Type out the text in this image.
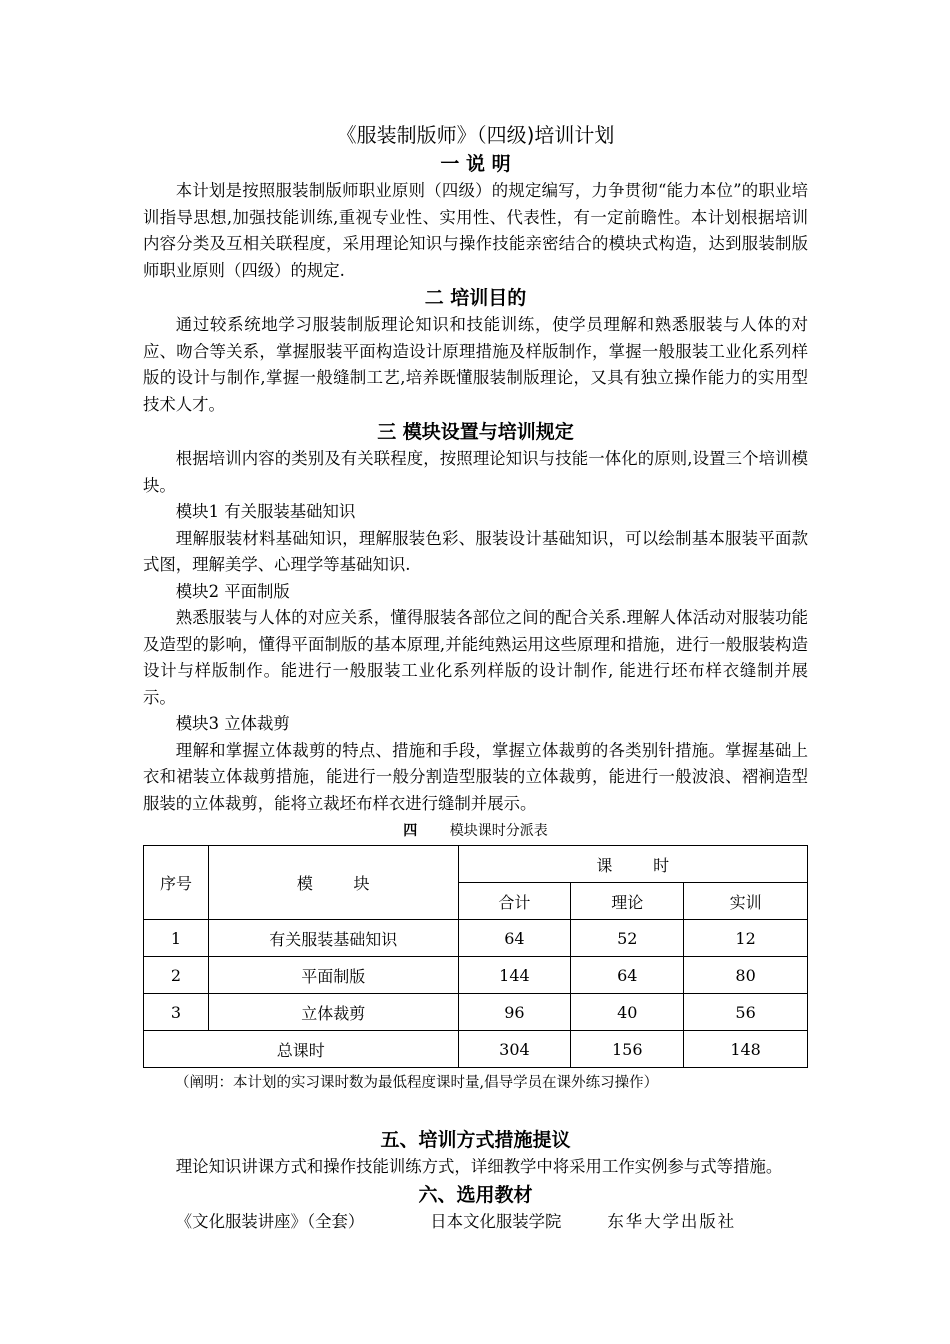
《服装制版师》（四级)培训计划

一 说 明

本计划是按照服装制版师职业原则（四级）的规定编写，力争贯彻“能力本位”的职业培训指导思想,加强技能训练,重视专业性、实用性、代表性，有一定前瞻性。本计划根据培训内容分类及互相关联程度，采用理论知识与操作技能亲密结合的模块式构造，达到服装制版师职业原则（四级）的规定.

二 培训目的

通过较系统地学习服装制版理论知识和技能训练，使学员理解和熟悉服装与人体的对应、吻合等关系，掌握服装平面构造设计原理措施及样版制作，掌握一般服装工业化系列样版的设计与制作,掌握一般缝制工艺,培养既懂服装制版理论，又具有独立操作能力的实用型技术人才。

三 模块设置与培训规定

根据培训内容的类别及有关联程度，按照理论知识与技能一体化的原则,设置三个培训模块。

模块1 有关服装基础知识

理解服装材料基础知识，理解服装色彩、服装设计基础知识，可以绘制基本服装平面款式图，理解美学、心理学等基础知识.

模块2 平面制版

熟悉服装与人体的对应关系，懂得服装各部位之间的配合关系.理解人体活动对服装功能及造型的影响，懂得平面制版的基本原理,并能纯熟运用这些原理和措施，进行一般服装构造设计与样版制作。能进行一般服装工业化系列样版的设计制作, 能进行坯布样衣缝制并展示。

模块3 立体裁剪

理解和掌握立体裁剪的特点、措施和手段，掌握立体裁剪的各类别针措施。掌握基础上衣和裙装立体裁剪措施，能进行一般分割造型服装的立体裁剪，能进行一般波浪、褶裥造型服装的立体裁剪，能将立裁坯布样衣进行缝制并展示。

四 模块课时分派表

序号	模        块	课        时		
		合计	理论	实训
1	有关服装基础知识	64	52	12
2	平面制版	144	64	80
3	立体裁剪	96	40	56
总课时		304	156	148

（阐明：本计划的实习课时数为最低程度课时量,倡导学员在课外练习操作）

五、培训方式措施提议

理论知识讲课方式和操作技能训练方式，详细教学中将采用工作实例参与式等措施。

六、选用教材

《文化服装讲座》（全套）	日本文化服装学院	东华大学出版社
